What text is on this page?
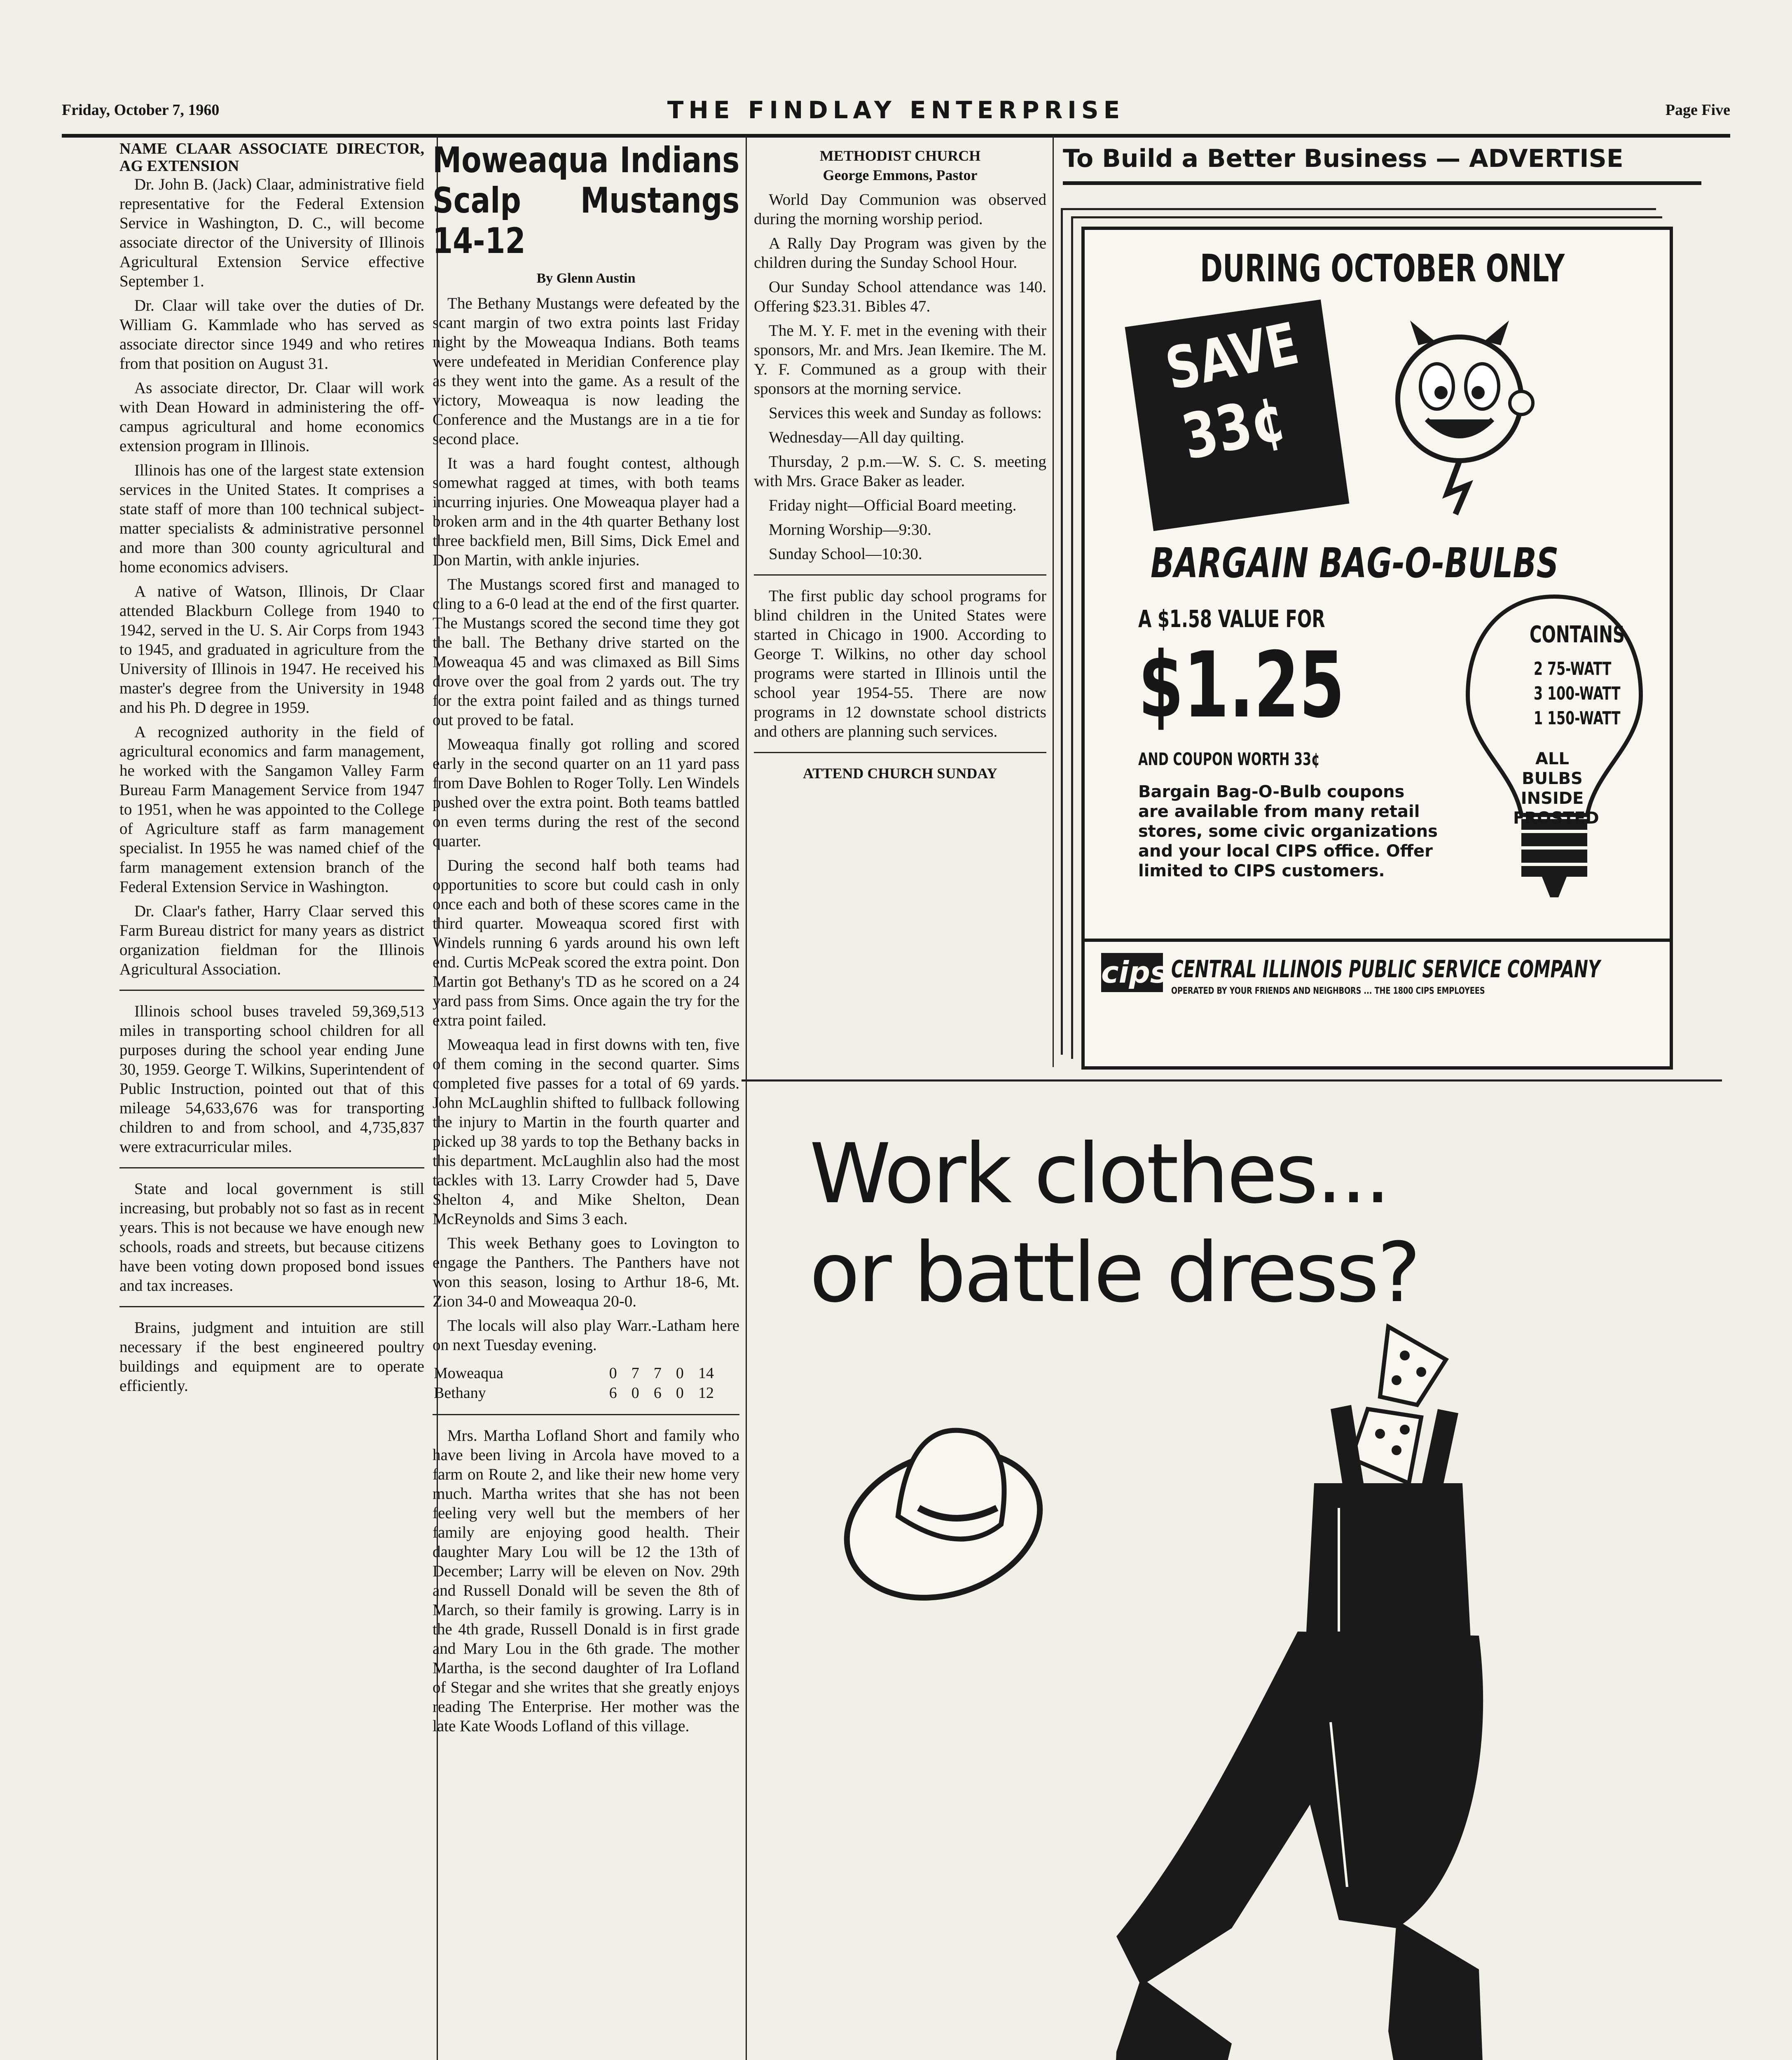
Friday, October 7, 1960	THE FINDLAY ENTERPRISE	Page Five

NAME CLAAR ASSOCIATE DIRECTOR, AG EXTENSION

Dr. John B. (Jack) Claar, administrative field representative for the Federal Extension Service in Washington, D. C., will become associate director of the University of Illinois Agricultural Extension Service effective September 1.

Dr. Claar will take over the duties of Dr. William G. Kammlade who has served as associate director since 1949 and who retires from that position on August 31.

As associate director, Dr. Claar will work with Dean Howard in administering the off-campus agricultural and home economics extension program in Illinois.

Illinois has one of the largest state extension services in the United States. It comprises a state staff of more than 100 technical subject-matter specialists & administrative personnel and more than 300 county agricultural and home economics advisers.

A native of Watson, Illinois, Dr Claar attended Blackburn College from 1940 to 1942, served in the U. S. Air Corps from 1943 to 1945, and graduated in agriculture from the University of Illinois in 1947. He received his master's degree from the University in 1948 and his Ph. D degree in 1959.

A recognized authority in the field of agricultural economics and farm management, he worked with the Sangamon Valley Farm Bureau Farm Management Service from 1947 to 1951, when he was appointed to the College of Agriculture staff as farm management specialist. In 1955 he was named chief of the farm management extension branch of the Federal Extension Service in Washington.

Dr. Claar's father, Harry Claar served this Farm Bureau district for many years as district organization fieldman for the Illinois Agricultural Association.

Illinois school buses traveled 59,369,513 miles in transporting school children for all purposes during the school year ending June 30, 1959. George T. Wilkins, Superintendent of Public Instruction, pointed out that of this mileage 54,633,676 was for transporting children to and from school, and 4,735,837 were extracurricular miles.

State and local government is still increasing, but probably not so fast as in recent years. This is not because we have enough new schools, roads and streets, but because citizens have been voting down proposed bond issues and tax increases.

Brains, judgment and intuition are still necessary if the best engineered poultry buildings and equipment are to operate efficiently.

Moweaqua Indians Scalp Mustangs 14-12

By Glenn Austin

The Bethany Mustangs were defeated by the scant margin of two extra points last Friday night by the Moweaqua Indians. Both teams were undefeated in Meridian Conference play as they went into the game. As a result of the victory, Moweaqua is now leading the Conference and the Mustangs are in a tie for second place.

It was a hard fought contest, although somewhat ragged at times, with both teams incurring injuries. One Moweaqua player had a broken arm and in the 4th quarter Bethany lost three backfield men, Bill Sims, Dick Emel and Don Martin, with ankle injuries.

The Mustangs scored first and managed to cling to a 6-0 lead at the end of the first quarter. The Mustangs scored the second time they got the ball. The Bethany drive started on the Moweaqua 45 and was climaxed as Bill Sims drove over the goal from 2 yards out. The try for the extra point failed and as things turned out proved to be fatal.

Moweaqua finally got rolling and scored early in the second quarter on an 11 yard pass from Dave Bohlen to Roger Tolly. Len Windels pushed over the extra point. Both teams battled on even terms during the rest of the second quarter.

During the second half both teams had opportunities to score but could cash in only once each and both of these scores came in the third quarter. Moweaqua scored first with Windels running 6 yards around his own left end. Curtis McPeak scored the extra point. Don Martin got Bethany's TD as he scored on a 24 yard pass from Sims. Once again the try for the extra point failed.

Moweaqua lead in first downs with ten, five of them coming in the second quarter. Sims completed five passes for a total of 69 yards. John McLaughlin shifted to fullback following the injury to Martin in the fourth quarter and picked up 38 yards to top the Bethany backs in this department. McLaughlin also had the most tackles with 13. Larry Crowder had 5, Dave Shelton 4, and Mike Shelton, Dean McReynolds and Sims 3 each.

This week Bethany goes to Lovington to engage the Panthers. The Panthers have not won this season, losing to Arthur 18-6, Mt. Zion 34-0 and Moweaqua 20-0.

The locals will also play Warr.-Latham here on next Tuesday evening.

Moweaqua	0	7	7	0	14
Bethany	6	0	6	0	12

Mrs. Martha Lofland Short and family who have been living in Arcola have moved to a farm on Route 2, and like their new home very much. Martha writes that she has not been feeling very well but the members of her family are enjoying good health. Their daughter Mary Lou will be 12 the 13th of December; Larry will be eleven on Nov. 29th and Russell Donald will be seven the 8th of March, so their family is growing. Larry is in the 4th grade, Russell Donald is in first grade and Mary Lou in the 6th grade. The mother Martha, is the second daughter of Ira Lofland of Stegar and she writes that she greatly enjoys reading The Enterprise. Her mother was the late Kate Woods Lofland of this village.

METHODIST CHURCH

George Emmons, Pastor

World Day Communion was observed during the morning worship period.

A Rally Day Program was given by the children during the Sunday School Hour.

Our Sunday School attendance was 140. Offering $23.31. Bibles 47.

The M. Y. F. met in the evening with their sponsors, Mr. and Mrs. Jean Ikemire. The M. Y. F. Communed as a group with their sponsors at the morning service.

Services this week and Sunday as follows:

Wednesday—All day quilting.

Thursday, 2 p.m.—W. S. C. S. meeting with Mrs. Grace Baker as leader.

Friday night—Official Board meeting.

Morning Worship—9:30.

Sunday School—10:30.

The first public day school programs for blind children in the United States were started in Chicago in 1900. According to George T. Wilkins, no other day school programs were started in Illinois until the school year 1954-55. There are now programs in 12 downstate school districts and others are planning such services.

ATTEND CHURCH SUNDAY

To Build a Better Business — ADVERTISE
DURING OCTOBER ONLY
SAVE
33¢
BARGAIN BAG-O-BULBS
A $1.58 VALUE FOR
$1.25
AND COUPON WORTH 33¢
Bargain Bag-O-Bulb coupons are available from many retail stores, some civic organizations and your local CIPS office. Offer limited to CIPS customers.
CONTAINS
2 75-WATT
3 100-WATT
1 150-WATT
ALL BULBS INSIDE FROSTED
cips CENTRAL ILLINOIS PUBLIC SERVICE COMPANY
OPERATED BY YOUR FRIENDS AND NEIGHBORS ... THE 1800 CIPS EMPLOYEES
Work clothes...
or battle dress?
